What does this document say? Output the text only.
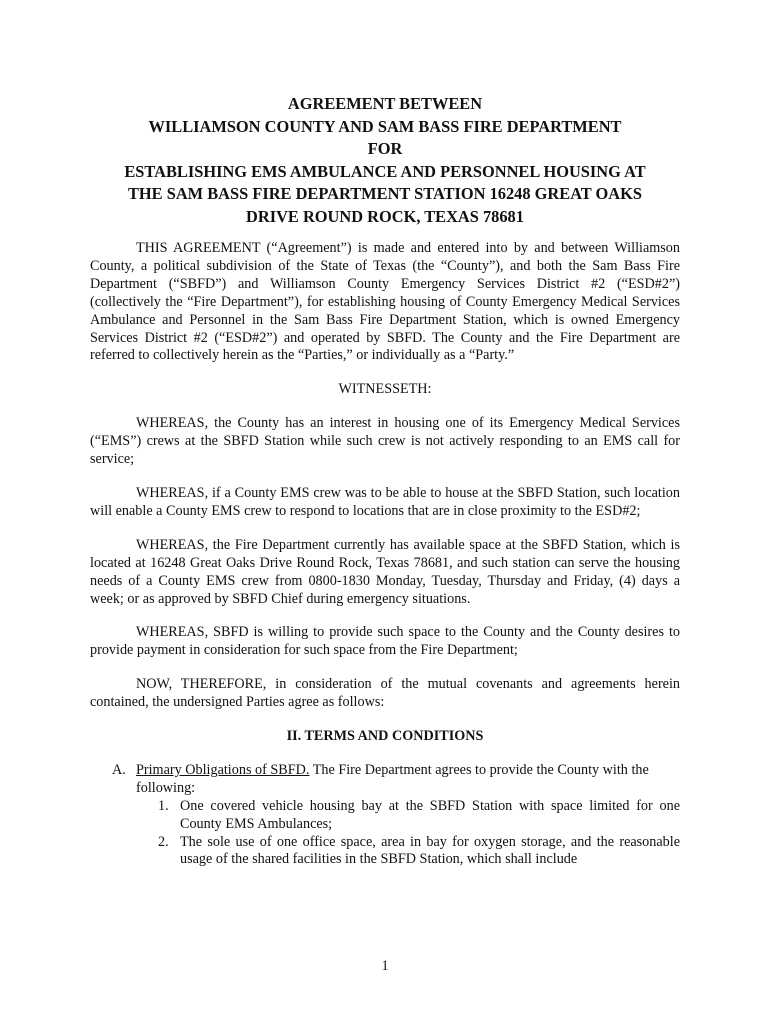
AGREEMENT BETWEEN
WILLIAMSON COUNTY AND SAM BASS FIRE DEPARTMENT
FOR
ESTABLISHING EMS AMBULANCE AND PERSONNEL HOUSING AT
THE SAM BASS FIRE DEPARTMENT STATION 16248 GREAT OAKS
DRIVE ROUND ROCK, TEXAS 78681

THIS AGREEMENT (“Agreement”) is made and entered into by and between Williamson County, a political subdivision of the State of Texas (the “County”), and both the Sam Bass Fire Department (“SBFD”) and Williamson County Emergency Services District #2 (“ESD#2”) (collectively the “Fire Department”), for establishing housing of County Emergency Medical Services Ambulance and Personnel in the Sam Bass Fire Department Station, which is owned Emergency Services District #2 (“ESD#2”) and operated by SBFD. The County and the Fire Department are referred to collectively herein as the “Parties,” or individually as a “Party.”

WITNESSETH:

WHEREAS, the County has an interest in housing one of its Emergency Medical Services (“EMS”) crews at the SBFD Station while such crew is not actively responding to an EMS call for service;

WHEREAS, if a County EMS crew was to be able to house at the SBFD Station, such location will enable a County EMS crew to respond to locations that are in close proximity to the ESD#2;

WHEREAS, the Fire Department currently has available space at the SBFD Station, which is located at 16248 Great Oaks Drive Round Rock, Texas 78681, and such station can serve the housing needs of a County EMS crew from 0800-1830 Monday, Tuesday, Thursday and Friday, (4) days a week; or as approved by SBFD Chief during emergency situations.

WHEREAS, SBFD is willing to provide such space to the County and the County desires to provide payment in consideration for such space from the Fire Department;

NOW, THEREFORE, in consideration of the mutual covenants and agreements herein contained, the undersigned Parties agree as follows:

II. TERMS AND CONDITIONS

A. Primary Obligations of SBFD. The Fire Department agrees to provide the County with the following:

1. One covered vehicle housing bay at the SBFD Station with space limited for one County EMS Ambulances;
2. The sole use of one office space, area in bay for oxygen storage, and the reasonable usage of the shared facilities in the SBFD Station, which shall include
1
